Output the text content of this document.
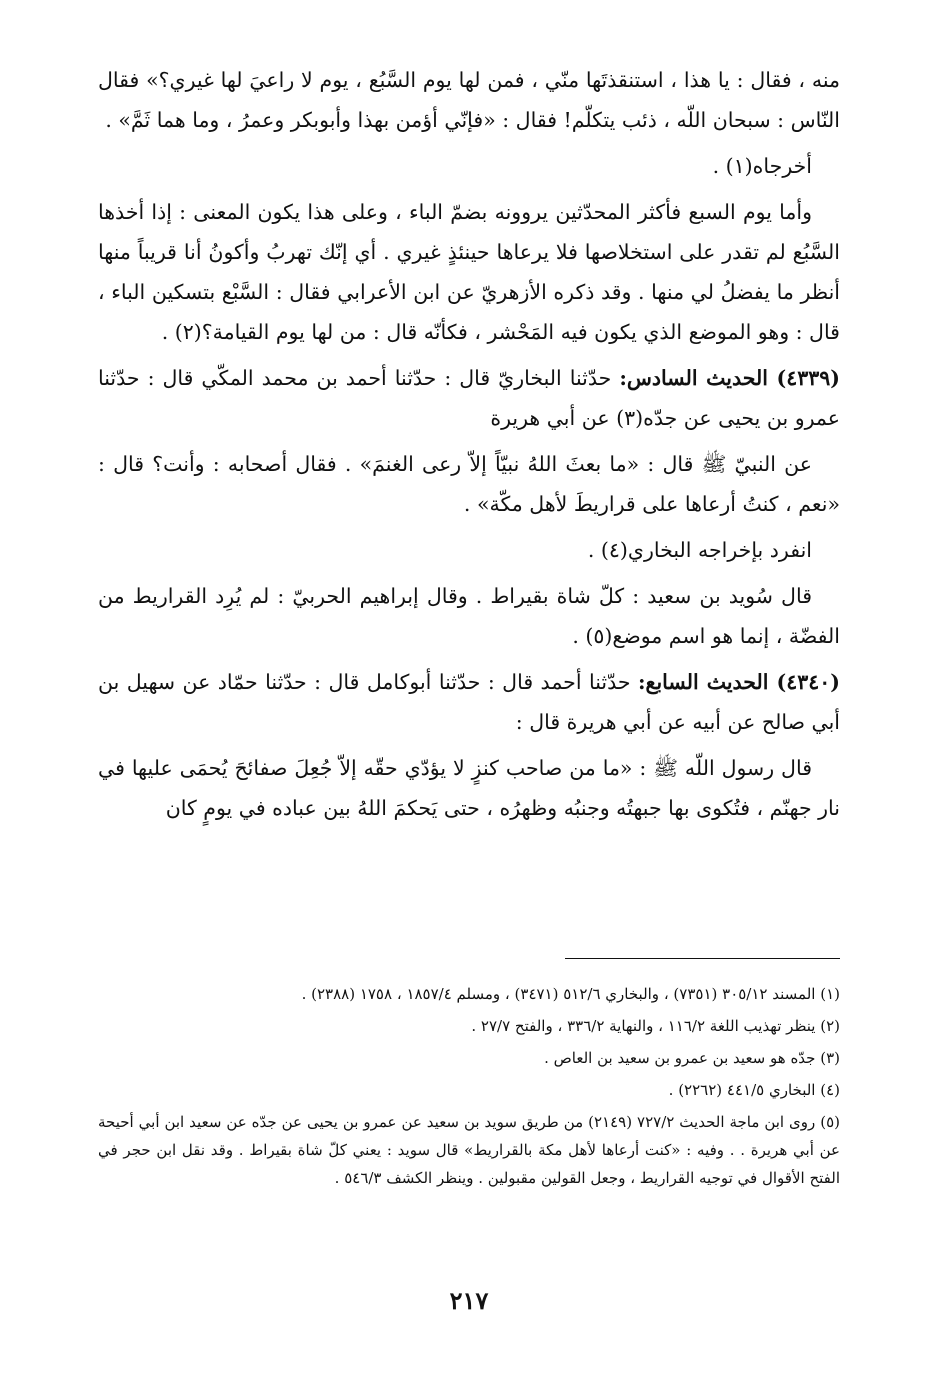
منه ، فقال : يا هذا ، استنقذتَها منّي ، فمن لها يوم السَّبُع ، يوم لا راعيَ لها غيري؟» فقال النّاس : سبحان اللّه ، ذئب يتكلّم! فقال : «فإنّي أؤمن بهذا وأبوبكر وعمرُ ، وما هما ثَمَّ» .

أخرجاه(١) .

وأما يوم السبع فأكثر المحدّثين يروونه بضمّ الباء ، وعلى هذا يكون المعنى : إذا أخذها السَّبُع لم تقدر على استخلاصها فلا يرعاها حينئذٍ غيري . أي إنّك تهربُ وأكونُ أنا قريباً منها أنظر ما يفضلُ لي منها . وقد ذكره الأزهريّ عن ابن الأعرابي فقال : السَّبْع بتسكين الباء ، قال : وهو الموضع الذي يكون فيه المَحْشر ، فكأنّه قال : من لها يوم القيامة؟(٢) .

(٤٣٣٩) الحديث السادس: حدّثنا البخاريّ قال : حدّثنا أحمد بن محمد المكّي قال : حدّثنا عمرو بن يحيى عن جدّه(٣) عن أبي هريرة

عن النبيّ ﷺ قال : «ما بعثَ اللهُ نبيّاً إلاّ رعى الغنمَ» . فقال أصحابه : وأنت؟ قال : «نعم ، كنتُ أرعاها على قراريطَ لأهل مكّة» .

انفرد بإخراجه البخاري(٤) .

قال سُويد بن سعيد : كلّ شاة بقيراط . وقال إبراهيم الحربيّ : لم يُرِد القراريط من الفضّة ، إنما هو اسم موضع(٥) .

(٤٣٤٠) الحديث السابع: حدّثنا أحمد قال : حدّثنا أبوكامل قال : حدّثنا حمّاد عن سهيل بن أبي صالح عن أبيه عن أبي هريرة قال :

قال رسول اللّه ﷺ : «ما من صاحب كنزٍ لا يؤدّي حقّه إلاّ جُعِلَ صفائحَ يُحمَى عليها في نار جهنّم ، فتُكوى بها جبهتُه وجنبُه وظهرُه ، حتى يَحكمَ اللهُ بين عباده في يومٍ كان

(١) المسند ٣٠٥/١٢ (٧٣٥١) ، والبخاري ٥١٢/٦ (٣٤٧١) ، ومسلم ١٨٥٧/٤ ، ١٧٥٨ (٢٣٨٨) .

(٢) ينظر تهذيب اللغة ١١٦/٢ ، والنهاية ٣٣٦/٢ ، والفتح ٢٧/٧ .

(٣) جدّه هو سعيد بن عمرو بن سعيد بن العاص .

(٤) البخاري ٤٤١/٥ (٢٢٦٢) .

(٥) روى ابن ماجة الحديث ٧٢٧/٢ (٢١٤٩) من طريق سويد بن سعيد عن عمرو بن يحيى عن جدّه عن سعيد ابن أبي أحيحة عن أبي هريرة . . وفيه : «كنت أرعاها لأهل مكة بالقراريط» قال سويد : يعني كلّ شاة بقيراط . وقد نقل ابن حجر في الفتح الأقوال في توجيه القراريط ، وجعل القولين مقبولين . وينظر الكشف ٥٤٦/٣ .

٢١٧
